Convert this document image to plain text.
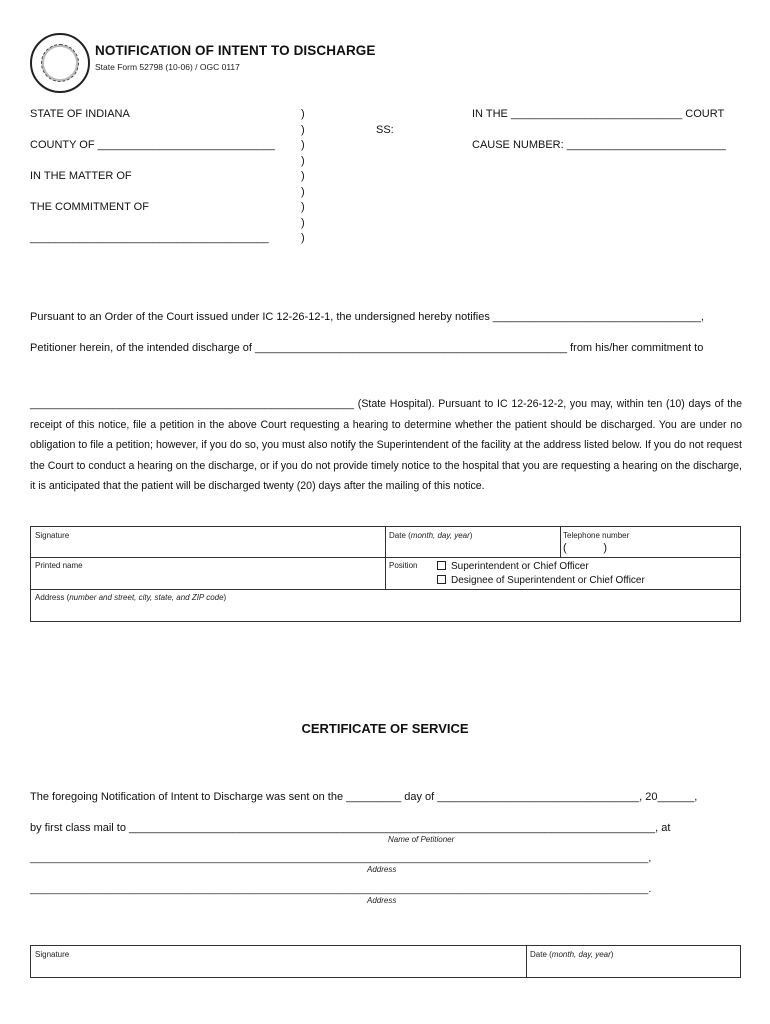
NOTIFICATION OF INTENT TO DISCHARGE
State Form 52798 (10-06) / OGC 0117
STATE OF INDIANA
COUNTY OF _____________________________
IN THE MATTER OF
THE COMMITMENT OF
_______________________________________
)
)
)
)
)
)
)
)
)
SS:
IN THE ____________________________ COURT
CAUSE NUMBER: __________________________
Pursuant to an Order of the Court issued under IC 12-26-12-1, the undersigned hereby notifies __________________________________,
Petitioner herein, of the intended discharge of ___________________________________________________ from his/her commitment to
_______________________________________________________ (State Hospital). Pursuant to IC 12-26-12-2, you may, within ten (10) days of the receipt of this notice, file a petition in the above Court requesting a hearing to determine whether the patient should be discharged. You are under no obligation to file a petition; however, if you do so, you must also notify the Superintendent of the facility at the address listed below. If you do not request the Court to conduct a hearing on the discharge, or if you do not provide timely notice to the hospital that you are requesting a hearing on the discharge, it is anticipated that the patient will be discharged twenty (20) days after the mailing of this notice.
Signature	Date (month, day, year)	Telephone number
(            )
Printed name	Position	Superintendent or Chief Officer
Designee of Superintendent or Chief Officer
Address (number and street, city, state, and ZIP code)
CERTIFICATE OF SERVICE
The foregoing Notification of Intent to Discharge was sent on the _________ day of _________________________________, 20______,
by first class mail to ______________________________________________________________________________________, at
Name of Petitioner
___________________________________________________________________________________________________________,
Address
___________________________________________________________________________________________________________.
Address
Signature	Date (month, day, year)
